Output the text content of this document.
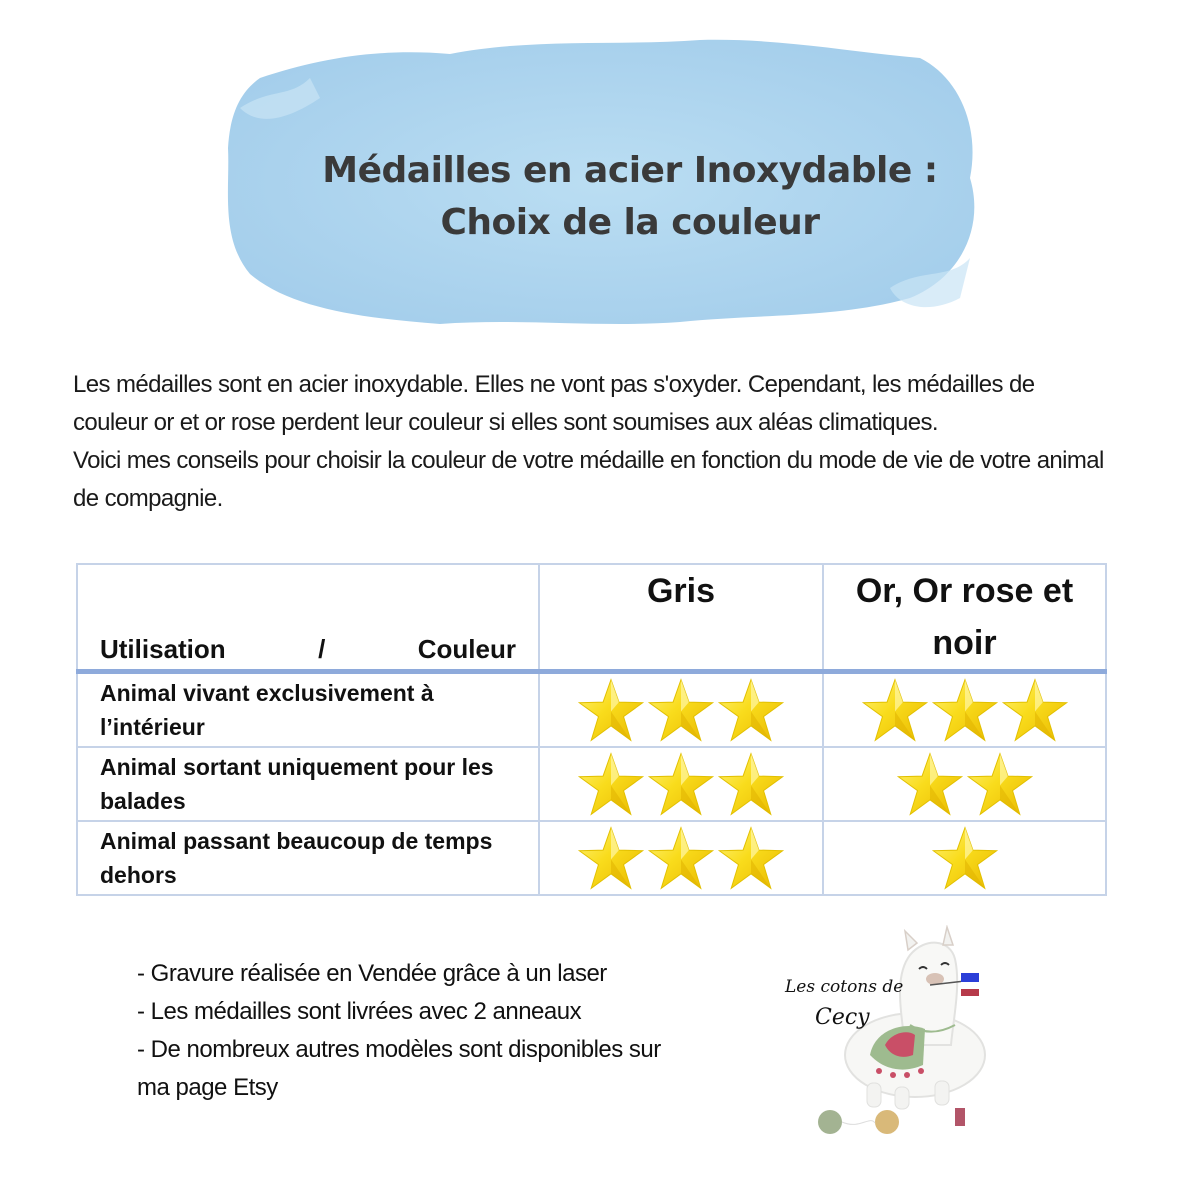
Médailles en acier Inoxydable :
Choix de la couleur

Les médailles sont en acier inoxydable. Elles ne vont pas s'oxyder. Cependant, les médailles de couleur or et or rose perdent leur couleur si elles sont soumises aux aléas climatiques.

Voici mes conseils pour choisir la couleur de votre médaille en fonction du mode de vie de votre animal de compagnie.

Utilisation / Couleur	Gris	Or, Or rose et noir
Animal vivant exclusivement à l’intérieur		
Animal sortant uniquement pour les balades		
Animal passant beaucoup de temps dehors		
- Gravure réalisée en Vendée grâce à un laser
- Les médailles sont livrées avec 2 anneaux
- De nombreux autres modèles sont disponibles sur ma page Etsy
Les cotons de
Cecy
